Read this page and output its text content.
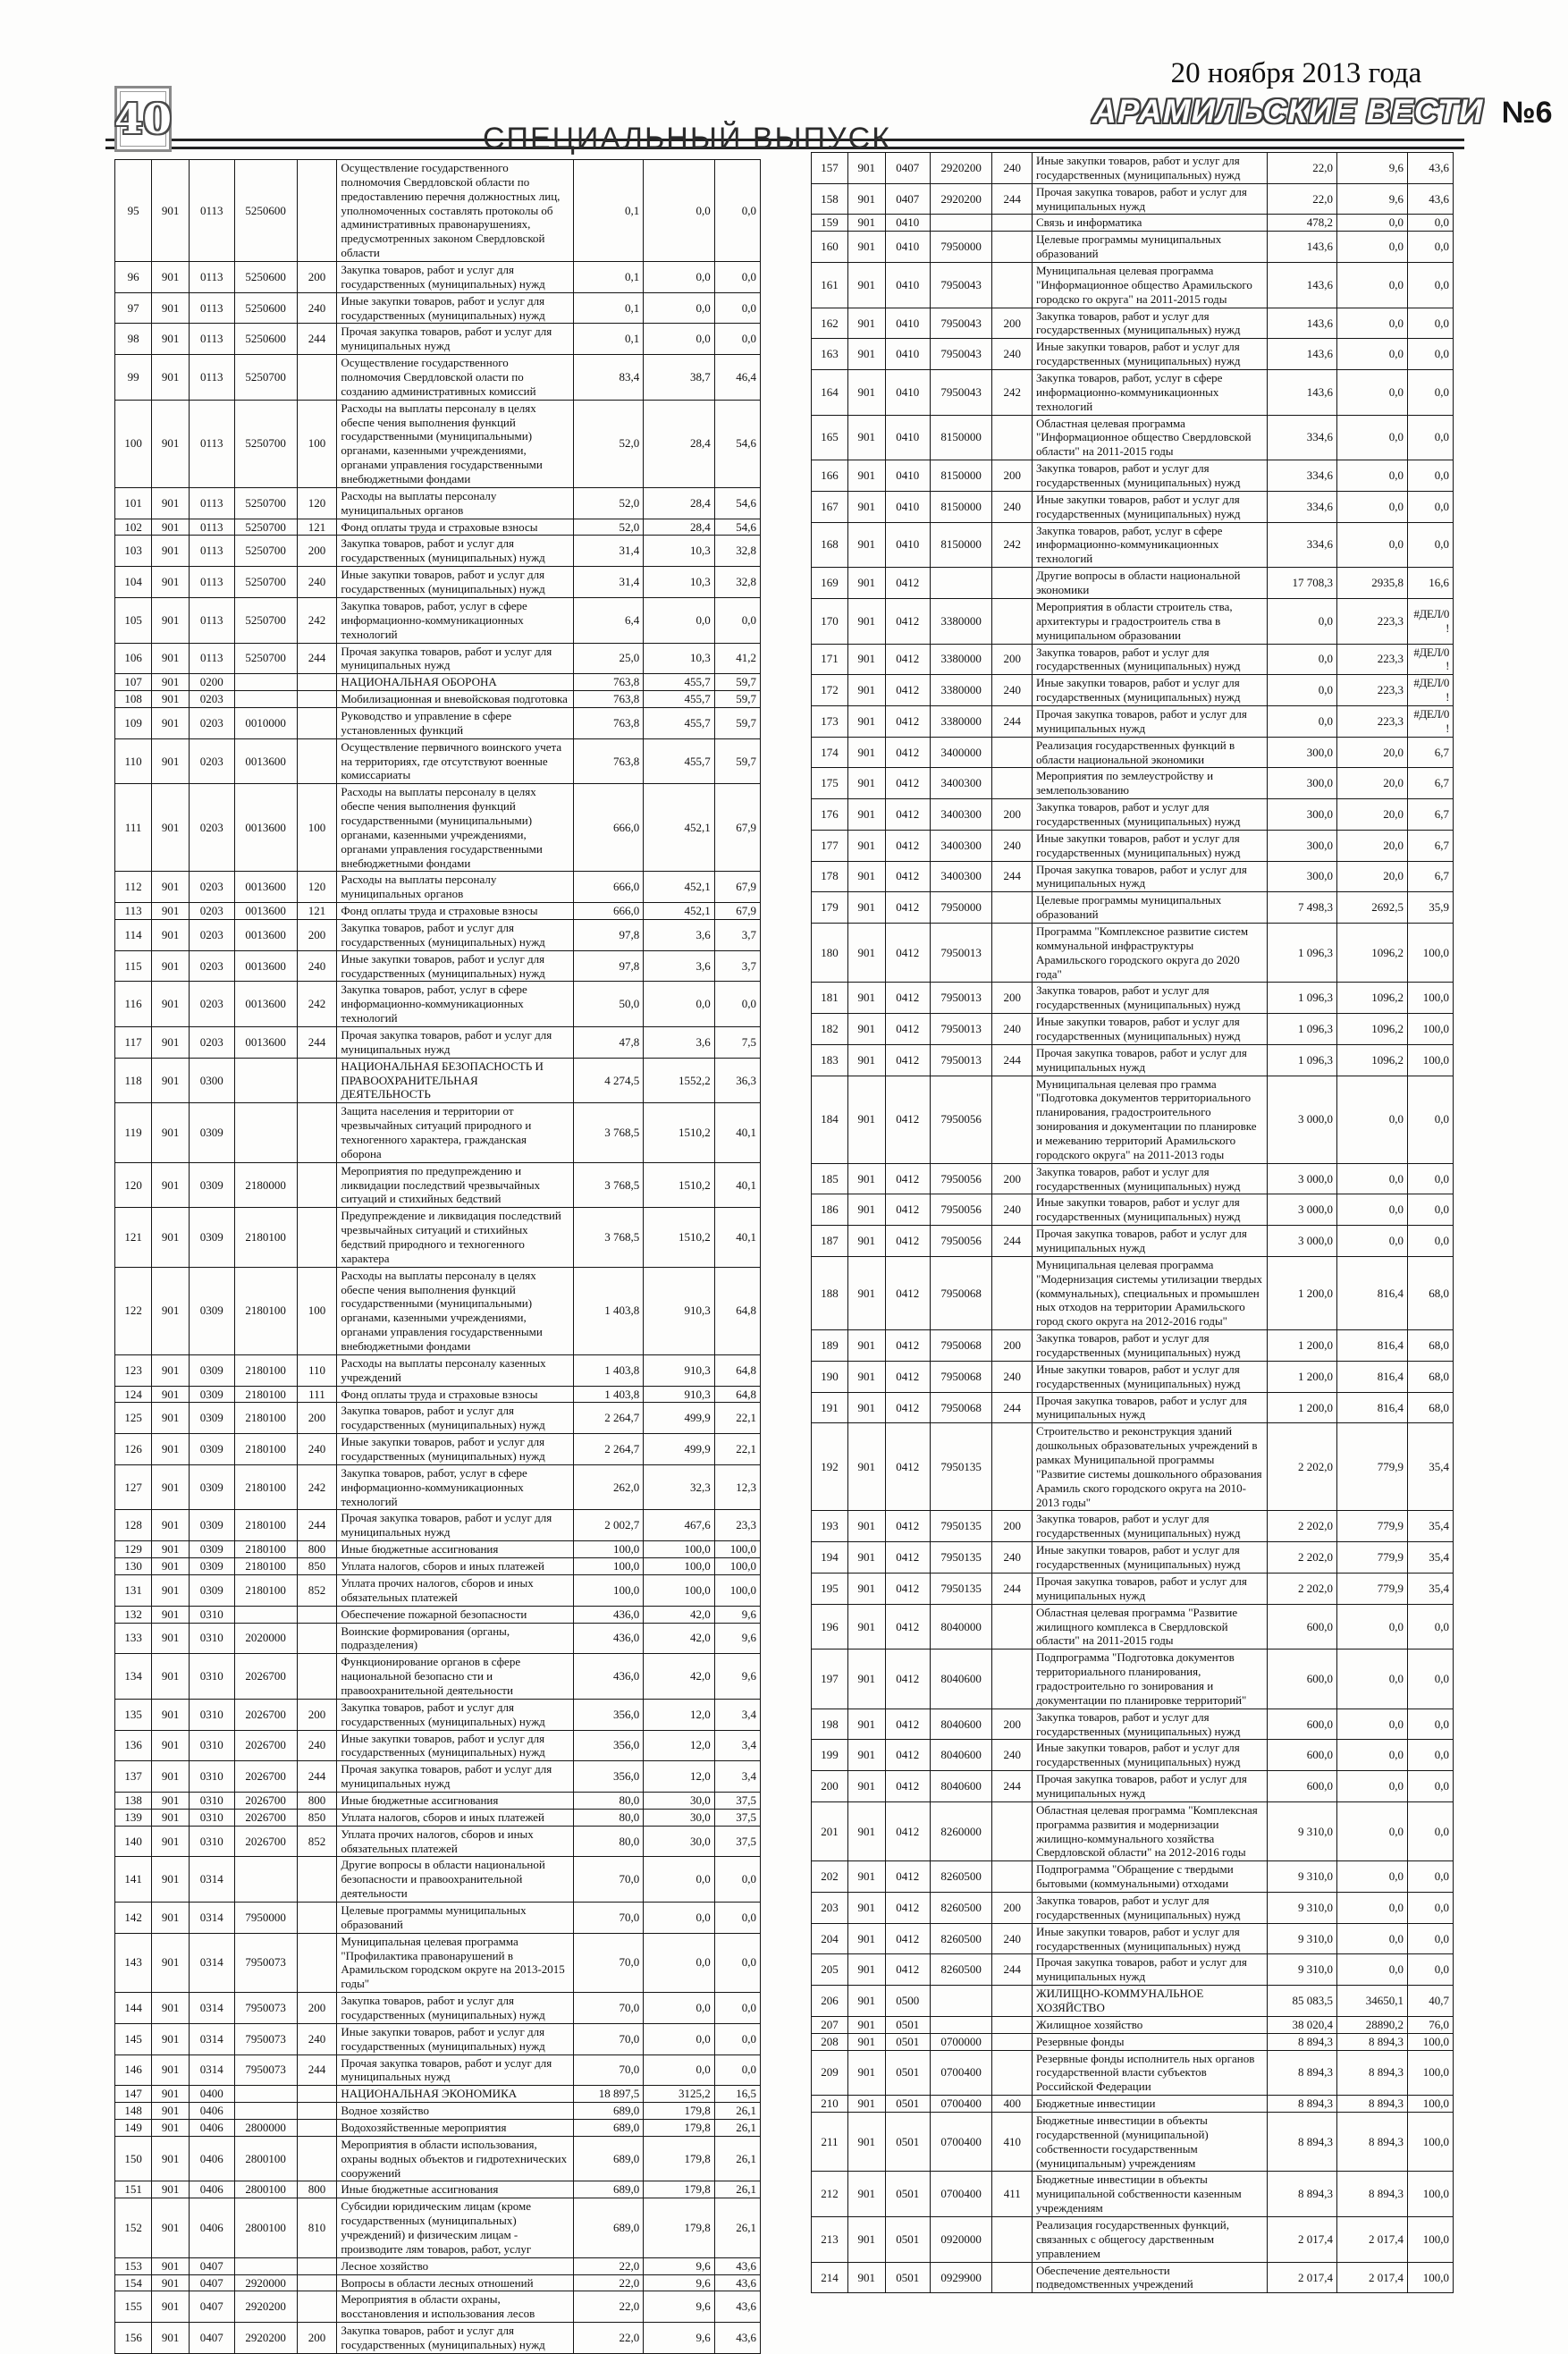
40	СПЕЦИАЛЬНЫЙ ВЫПУСК
20 ноября 2013 года
АРАМИЛЬСКИЕ ВЕСТИ №6
95	901	0113	5250600		Осуществление государственного полномочия Свердловской области по предоставлению перечня должностных лиц, уполномоченных составлять протоколы об административных правонарушениях, предусмотренных законом Свердловской области	0,1	0,0	0,0
96	901	0113	5250600	200	Закупка товаров, работ и услуг для государственных (муниципальных) нужд	0,1	0,0	0,0
97	901	0113	5250600	240	Иные закупки товаров, работ и услуг для государственных (муниципальных) нужд	0,1	0,0	0,0
98	901	0113	5250600	244	Прочая закупка товаров, работ и услуг для муниципальных нужд	0,1	0,0	0,0
99	901	0113	5250700		Осуществление государственного полномочия Свердловской оласти по созданию административных комиссий	83,4	38,7	46,4
100	901	0113	5250700	100	Расходы на выплаты персоналу в целях обеспе чения выполнения функций государственными (муниципальными) органами, казенными учреждениями, органами управления государственными внебюджетными фондами	52,0	28,4	54,6
101	901	0113	5250700	120	Расходы на выплаты персоналу муниципальных органов	52,0	28,4	54,6
102	901	0113	5250700	121	Фонд оплаты труда и страховые взносы	52,0	28,4	54,6
103	901	0113	5250700	200	Закупка товаров, работ и услуг для государственных (муниципальных) нужд	31,4	10,3	32,8
104	901	0113	5250700	240	Иные закупки товаров, работ и услуг для государственных (муниципальных) нужд	31,4	10,3	32,8
105	901	0113	5250700	242	Закупка товаров, работ, услуг в сфере информационно-коммуникационных технологий	6,4	0,0	0,0
106	901	0113	5250700	244	Прочая закупка товаров, работ и услуг для муниципальных нужд	25,0	10,3	41,2
107	901	0200			НАЦИОНАЛЬНАЯ ОБОРОНА	763,8	455,7	59,7
108	901	0203			Мобилизационная и вневойсковая подготовка	763,8	455,7	59,7
109	901	0203	0010000		Руководство и управление в сфере установленных функций	763,8	455,7	59,7
110	901	0203	0013600		Осуществление первичного воинского учета на территориях, где отсутствуют военные комиссариаты	763,8	455,7	59,7
111	901	0203	0013600	100	Расходы на выплаты персоналу в целях обеспе чения выполнения функций государственными (муниципальными) органами, казенными учреждениями, органами управления государственными внебюджетными фондами	666,0	452,1	67,9
112	901	0203	0013600	120	Расходы на выплаты персоналу муниципальных органов	666,0	452,1	67,9
113	901	0203	0013600	121	Фонд оплаты труда и страховые взносы	666,0	452,1	67,9
114	901	0203	0013600	200	Закупка товаров, работ и услуг для государственных (муниципальных) нужд	97,8	3,6	3,7
115	901	0203	0013600	240	Иные закупки товаров, работ и услуг для государственных (муниципальных) нужд	97,8	3,6	3,7
116	901	0203	0013600	242	Закупка товаров, работ, услуг в сфере информационно-коммуникационных технологий	50,0	0,0	0,0
117	901	0203	0013600	244	Прочая закупка товаров, работ и услуг для муниципальных нужд	47,8	3,6	7,5
118	901	0300			НАЦИОНАЛЬНАЯ БЕЗОПАСНОСТЬ И ПРАВООХРАНИТЕЛЬНАЯ ДЕЯТЕЛЬНОСТЬ	4 274,5	1552,2	36,3
119	901	0309			Защита населения и территории от чрезвычайных ситуаций природного и техногенного характера, гражданская оборона	3 768,5	1510,2	40,1
120	901	0309	2180000		Мероприятия по предупреждению и ликвидации последствий чрезвычайных ситуаций и стихийных бедствий	3 768,5	1510,2	40,1
121	901	0309	2180100		Предупреждение и ликвидация последствий чрезвычайных ситуаций и стихийных бедствий природного и техногенного характера	3 768,5	1510,2	40,1
122	901	0309	2180100	100	Расходы на выплаты персоналу в целях обеспе чения выполнения функций государственными (муниципальными) органами, казенными учреждениями, органами управления государственными внебюджетными фондами	1 403,8	910,3	64,8
123	901	0309	2180100	110	Расходы на выплаты персоналу казенных учреждений	1 403,8	910,3	64,8
124	901	0309	2180100	111	Фонд оплаты труда и страховые взносы	1 403,8	910,3	64,8
125	901	0309	2180100	200	Закупка товаров, работ и услуг для государственных (муниципальных) нужд	2 264,7	499,9	22,1
126	901	0309	2180100	240	Иные закупки товаров, работ и услуг для государственных (муниципальных) нужд	2 264,7	499,9	22,1
127	901	0309	2180100	242	Закупка товаров, работ, услуг в сфере информационно-коммуникационных технологий	262,0	32,3	12,3
128	901	0309	2180100	244	Прочая закупка товаров, работ и услуг для муниципальных нужд	2 002,7	467,6	23,3
129	901	0309	2180100	800	Иные бюджетные ассигнования	100,0	100,0	100,0
130	901	0309	2180100	850	Уплата налогов, сборов и иных платежей	100,0	100,0	100,0
131	901	0309	2180100	852	Уплата прочих налогов, сборов и иных обязательных платежей	100,0	100,0	100,0
132	901	0310			Обеспечение пожарной безопасности	436,0	42,0	9,6
133	901	0310	2020000		Воинские формирования (органы, подразделения)	436,0	42,0	9,6
134	901	0310	2026700		Функционирование органов в сфере национальной безопасно сти и правоохранительной деятельности	436,0	42,0	9,6
135	901	0310	2026700	200	Закупка товаров, работ и услуг для государственных (муниципальных) нужд	356,0	12,0	3,4
136	901	0310	2026700	240	Иные закупки товаров, работ и услуг для государственных (муниципальных) нужд	356,0	12,0	3,4
137	901	0310	2026700	244	Прочая закупка товаров, работ и услуг для муниципальных нужд	356,0	12,0	3,4
138	901	0310	2026700	800	Иные бюджетные ассигнования	80,0	30,0	37,5
139	901	0310	2026700	850	Уплата налогов, сборов и иных платежей	80,0	30,0	37,5
140	901	0310	2026700	852	Уплата прочих налогов, сборов и иных обязательных платежей	80,0	30,0	37,5
141	901	0314			Другие вопросы в области национальной безопасности и правоохранительной деятельности	70,0	0,0	0,0
142	901	0314	7950000		Целевые программы муниципальных образований	70,0	0,0	0,0
143	901	0314	7950073		Муниципальная целевая программа "Профилактика правонарушений в Арамильском городском округе на 2013-2015 годы"	70,0	0,0	0,0
144	901	0314	7950073	200	Закупка товаров, работ и услуг для государственных (муниципальных) нужд	70,0	0,0	0,0
145	901	0314	7950073	240	Иные закупки товаров, работ и услуг для государственных (муниципальных) нужд	70,0	0,0	0,0
146	901	0314	7950073	244	Прочая закупка товаров, работ и услуг для муниципальных нужд	70,0	0,0	0,0
147	901	0400			НАЦИОНАЛЬНАЯ ЭКОНОМИКА	18 897,5	3125,2	16,5
148	901	0406			Водное хозяйство	689,0	179,8	26,1
149	901	0406	2800000		Водохозяйственные мероприятия	689,0	179,8	26,1
150	901	0406	2800100		Мероприятия в области использования, охраны водных объектов и гидротехнических сооружений	689,0	179,8	26,1
151	901	0406	2800100	800	Иные бюджетные ассигнования	689,0	179,8	26,1
152	901	0406	2800100	810	Субсидии юридическим лицам (кроме государственных (муниципальных) учреждений) и физическим лицам - производите лям товаров, работ, услуг	689,0	179,8	26,1
153	901	0407			Лесное хозяйство	22,0	9,6	43,6
154	901	0407	2920000		Вопросы в области лесных отношений	22,0	9,6	43,6
155	901	0407	2920200		Мероприятия в области охраны, восстановления и использования лесов	22,0	9,6	43,6
156	901	0407	2920200	200	Закупка товаров, работ и услуг для государственных (муниципальных) нужд	22,0	9,6	43,6
157	901	0407	2920200	240	Иные закупки товаров, работ и услуг для государственных (муниципальных) нужд	22,0	9,6	43,6
158	901	0407	2920200	244	Прочая закупка товаров, работ и услуг для муниципальных нужд	22,0	9,6	43,6
159	901	0410			Связь и информатика	478,2	0,0	0,0
160	901	0410	7950000		Целевые программы муниципальных образований	143,6	0,0	0,0
161	901	0410	7950043		Муниципальная целевая программа "Информационное общество Арамильского городско го округа" на 2011-2015 годы	143,6	0,0	0,0
162	901	0410	7950043	200	Закупка товаров, работ и услуг для государственных (муниципальных) нужд	143,6	0,0	0,0
163	901	0410	7950043	240	Иные закупки товаров, работ и услуг для государственных (муниципальных) нужд	143,6	0,0	0,0
164	901	0410	7950043	242	Закупка товаров, работ, услуг в сфере информационно-коммуникационных технологий	143,6	0,0	0,0
165	901	0410	8150000		Областная целевая программа "Информационное общество Свердловской области" на 2011-2015 годы	334,6	0,0	0,0
166	901	0410	8150000	200	Закупка товаров, работ и услуг для государственных (муниципальных) нужд	334,6	0,0	0,0
167	901	0410	8150000	240	Иные закупки товаров, работ и услуг для государственных (муниципальных) нужд	334,6	0,0	0,0
168	901	0410	8150000	242	Закупка товаров, работ, услуг в сфере информационно-коммуникационных технологий	334,6	0,0	0,0
169	901	0412			Другие вопросы в области национальной экономики	17 708,3	2935,8	16,6
170	901	0412	3380000		Мероприятия в области строитель ства, архитектуры и градостроитель ства в муниципальном образовании	0,0	223,3	#ДЕЛ/0!
171	901	0412	3380000	200	Закупка товаров, работ и услуг для государственных (муниципальных) нужд	0,0	223,3	#ДЕЛ/0!
172	901	0412	3380000	240	Иные закупки товаров, работ и услуг для государственных (муниципальных) нужд	0,0	223,3	#ДЕЛ/0!
173	901	0412	3380000	244	Прочая закупка товаров, работ и услуг для муниципальных нужд	0,0	223,3	#ДЕЛ/0!
174	901	0412	3400000		Реализация государственных функций в области национальной экономики	300,0	20,0	6,7
175	901	0412	3400300		Мероприятия по землеустройству и землепользованию	300,0	20,0	6,7
176	901	0412	3400300	200	Закупка товаров, работ и услуг для государственных (муниципальных) нужд	300,0	20,0	6,7
177	901	0412	3400300	240	Иные закупки товаров, работ и услуг для государственных (муниципальных) нужд	300,0	20,0	6,7
178	901	0412	3400300	244	Прочая закупка товаров, работ и услуг для муниципальных нужд	300,0	20,0	6,7
179	901	0412	7950000		Целевые программы муниципальных образований	7 498,3	2692,5	35,9
180	901	0412	7950013		Программа "Комплексное развитие систем коммунальной инфраструктуры Арамильского городского округа до 2020 года"	1 096,3	1096,2	100,0
181	901	0412	7950013	200	Закупка товаров, работ и услуг для государственных (муниципальных) нужд	1 096,3	1096,2	100,0
182	901	0412	7950013	240	Иные закупки товаров, работ и услуг для государственных (муниципальных) нужд	1 096,3	1096,2	100,0
183	901	0412	7950013	244	Прочая закупка товаров, работ и услуг для муниципальных нужд	1 096,3	1096,2	100,0
184	901	0412	7950056		Муниципальная целевая про грамма "Подготовка документов территориального планирования, градостроительного зонирования и документации по планировке и межеванию территорий Арамильского городского округа" на 2011-2013 годы	3 000,0	0,0	0,0
185	901	0412	7950056	200	Закупка товаров, работ и услуг для государственных (муниципальных) нужд	3 000,0	0,0	0,0
186	901	0412	7950056	240	Иные закупки товаров, работ и услуг для государственных (муниципальных) нужд	3 000,0	0,0	0,0
187	901	0412	7950056	244	Прочая закупка товаров, работ и услуг для муниципальных нужд	3 000,0	0,0	0,0
188	901	0412	7950068		Муниципальная целевая программа "Модернизация системы утилизации твердых (коммунальных), специальных и промышлен ных отходов на территории Арамильского город ского округа на 2012-2016 годы"	1 200,0	816,4	68,0
189	901	0412	7950068	200	Закупка товаров, работ и услуг для государственных (муниципальных) нужд	1 200,0	816,4	68,0
190	901	0412	7950068	240	Иные закупки товаров, работ и услуг для государственных (муниципальных) нужд	1 200,0	816,4	68,0
191	901	0412	7950068	244	Прочая закупка товаров, работ и услуг для муниципальных нужд	1 200,0	816,4	68,0
192	901	0412	7950135		Строительство и реконструкция зданий дошкольных образовательных учреждений в рамках Муниципальной программы "Развитие системы дошкольного образования Арамиль ского городского округа на 2010-2013 годы"	2 202,0	779,9	35,4
193	901	0412	7950135	200	Закупка товаров, работ и услуг для государственных (муниципальных) нужд	2 202,0	779,9	35,4
194	901	0412	7950135	240	Иные закупки товаров, работ и услуг для государственных (муниципальных) нужд	2 202,0	779,9	35,4
195	901	0412	7950135	244	Прочая закупка товаров, работ и услуг для муниципальных нужд	2 202,0	779,9	35,4
196	901	0412	8040000		Областная целевая программа "Развитие жилищного комплекса в Свердловской области" на 2011-2015 годы	600,0	0,0	0,0
197	901	0412	8040600		Подпрограмма "Подготовка документов территориального планирования, градостроительно го зонирования и документации по планировке территорий"	600,0	0,0	0,0
198	901	0412	8040600	200	Закупка товаров, работ и услуг для государственных (муниципальных) нужд	600,0	0,0	0,0
199	901	0412	8040600	240	Иные закупки товаров, работ и услуг для государственных (муниципальных) нужд	600,0	0,0	0,0
200	901	0412	8040600	244	Прочая закупка товаров, работ и услуг для муниципальных нужд	600,0	0,0	0,0
201	901	0412	8260000		Областная целевая программа "Комплексная программа развития и модернизации жилищно-коммунального хозяйства Свердловской области" на 2012-2016 годы	9 310,0	0,0	0,0
202	901	0412	8260500		Подпрограмма "Обращение с твердыми бытовыми (коммунальными) отходами	9 310,0	0,0	0,0
203	901	0412	8260500	200	Закупка товаров, работ и услуг для государственных (муниципальных) нужд	9 310,0	0,0	0,0
204	901	0412	8260500	240	Иные закупки товаров, работ и услуг для государственных (муниципальных) нужд	9 310,0	0,0	0,0
205	901	0412	8260500	244	Прочая закупка товаров, работ и услуг для муниципальных нужд	9 310,0	0,0	0,0
206	901	0500			ЖИЛИЩНО-КОММУНАЛЬНОЕ ХОЗЯЙСТВО	85 083,5	34650,1	40,7
207	901	0501			Жилищное хозяйство	38 020,4	28890,2	76,0
208	901	0501	0700000		Резервные фонды	8 894,3	8 894,3	100,0
209	901	0501	0700400		Резервные фонды исполнитель ных органов государственной власти субъектов Российской Федерации	8 894,3	8 894,3	100,0
210	901	0501	0700400	400	Бюджетные инвестиции	8 894,3	8 894,3	100,0
211	901	0501	0700400	410	Бюджетные инвестиции в объекты государственной (муниципальной) собственности государственным (муниципальным) учреждениям	8 894,3	8 894,3	100,0
212	901	0501	0700400	411	Бюджетные инвестиции в объекты муниципальной собственности казенным учреждениям	8 894,3	8 894,3	100,0
213	901	0501	0920000		Реализация государственных функций, связанных с общегосу дарственным управлением	2 017,4	2 017,4	100,0
214	901	0501	0929900		Обеспечение деятельности подведомственных учреждений	2 017,4	2 017,4	100,0
